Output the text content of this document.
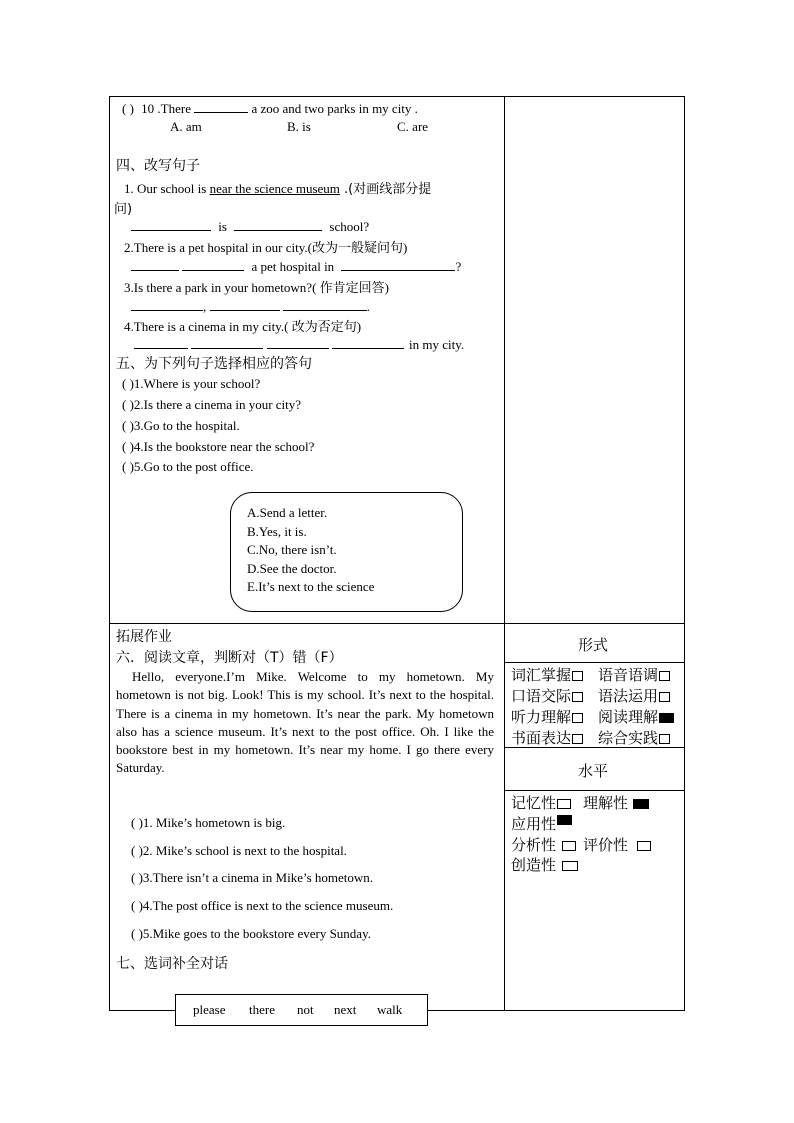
( ) 10 .There	a zoo and two parks in my city .
A. am	B. is	C. are
四、改写句子
1. Our school is near the science museum .(对画线部分提
问)
is	school?
2.There is a pet hospital in our city.(改为一般疑问句)
a pet hospital in	?
3.Is there a park in your hometown?( 作肯定回答)
,	.
4.There is a cinema in my city.( 改为否定句)
in my city.
五、为下列句子选择相应的答句
( )1.Where is your school?
( )2.Is there a cinema in your city?
( )3.Go to the hospital.
( )4.Is the bookstore near the school?
( )5.Go to the post office.
A.Send a letter.
B.Yes, it is.
C.No, there isn’t.
D.See the doctor.
E.It’s next to the science
拓展作业
六．阅读文章，判断对（T）错（F）
Hello, everyone.I’m Mike. Welcome to my hometown. My hometown is not big. Look! This is my school. It’s next to the hospital. There is a cinema in my hometown. It’s near the park. My hometown also has a science museum. It’s next to the post office. Oh. I like the bookstore best in my hometown. It’s near my home. I go there every Saturday.
( )1. Mike’s hometown is big.
( )2. Mike’s school is next to the hospital.
( )3.There isn’t a cinema in Mike’s hometown.
( )4.The post office is next to the science museum.
( )5.Mike goes to the bookstore every Sunday.
七、选词补全对话
please there not next walk
形式
词汇掌握	语音语调
口语交际	语法运用
听力理解	阅读理解
书面表达	综合实践
水平
记忆性	理解性
应用性
分析性	评价性
创造性
